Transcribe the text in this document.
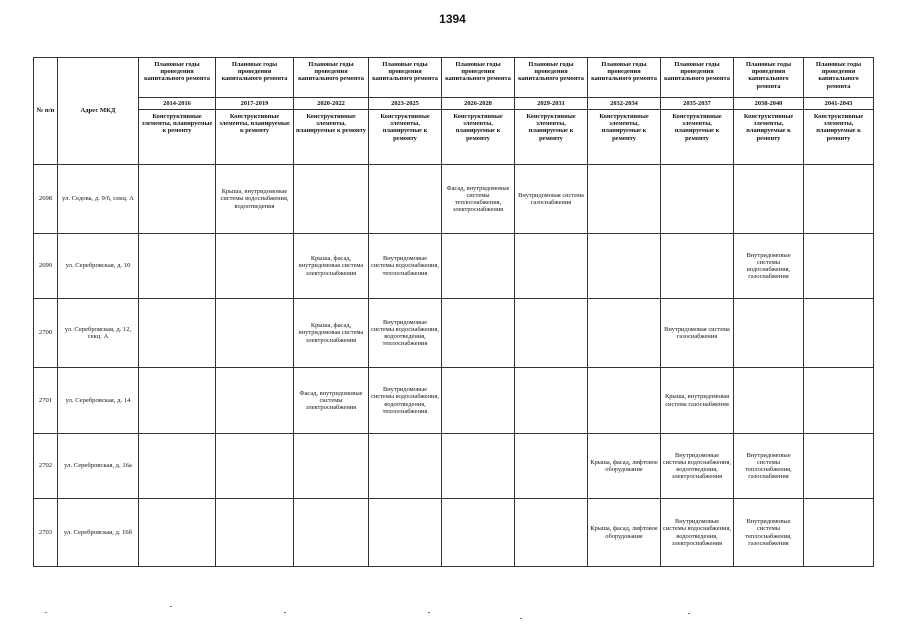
1394
№ п/п	Адрес МКД	Плановые годы проведения капитального ремонта	Плановые годы проведения капитального ремонта	Плановые годы проведения капитального ремонта	Плановые годы проведения капитального ремонта	Плановые годы проведения капитального ремонта	Плановые годы проведения капитального ремонта	Плановые годы проведения капитального ремонта	Плановые годы проведения капитального ремонта	Плановые годы проведения капитального ремонта	Плановые годы проведения капитального ремонта
		2014-2016	2017-2019	2020-2022	2023-2025	2026-2028	2029-2031	2032-2034	2035-2037	2038-2040	2041-2043
		Конструктивные элементы, планируемые к ремонту	Конструктивные элементы, планируемые к ремонту	Конструктивные элементы, планируемые к ремонту	Конструктивные элементы, планируемые к ремонту	Конструктивные элементы, планируемые к ремонту	Конструктивные элементы, планируемые к ремонту	Конструктивные элементы, планируемые к ремонту	Конструктивные элементы, планируемые к ремонту	Конструктивные элементы, планируемые к ремонту	Конструктивные элементы, планируемые к ремонту
2698	ул. Седова, д. 9/6, секц. А		Крыша, внутридомовые системы водоснабжения, водоотведения			Фасад, внутридомовые системы теплоснабжения, электроснабжения	Внутридомовая система газоснабжения				
2699	ул. Серебровская, д. 10			Крыша, фасад, внутридомовая система электроснабжения	Внутридомовые системы водоснабжения, теплоснабжения					Внутридомовые системы водоснабжения, газоснабжения	
2700	ул. Серебровская, д. 12, секц. А			Крыша, фасад, внутридомовая система электроснабжения	Внутридомовые системы водоснабжения, водоотведения, теплоснабжения				Внутридомовая система газоснабжения		
2701	ул. Серебровская, д. 14			Фасад, внутридомовые системы электроснабжения	Внутридомовые системы водоснабжения, водоотведения, теплоснабжения				Крыша, внутридомовая система газоснабжения		
2702	ул. Серебровская, д. 16а							Крыша, фасад, лифтовое оборудование	Внутридомовые системы водоснабжения, водоотведения, электроснабжения	Внутридомовые системы теплоснабжения, газоснабжения	
2703	ул. Серебровская, д. 16б							Крыша, фасад, лифтовое оборудование	Внутридомовые системы водоснабжения, водоотведения, электроснабжения	Внутридомовые системы теплоснабжения, газоснабжения	
